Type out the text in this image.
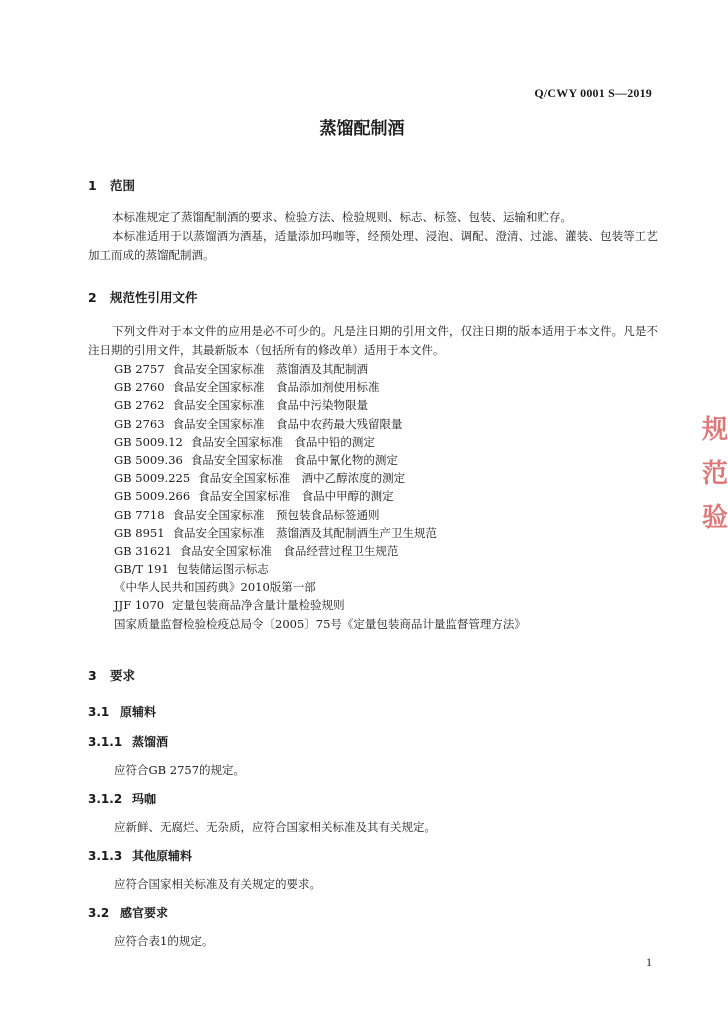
Q/CWY 0001 S—2019
蒸馏配制酒
1 范围
本标准规定了蒸馏配制酒的要求、检验方法、检验规则、标志、标签、包装、运输和贮存。
本标准适用于以蒸馏酒为酒基，适量添加玛咖等，经预处理、浸泡、调配、澄清、过滤、灌装、包装等工艺加工而成的蒸馏配制酒。
2 规范性引用文件
下列文件对于本文件的应用是必不可少的。凡是注日期的引用文件，仅注日期的版本适用于本文件。凡是不注日期的引用文件，其最新版本（包括所有的修改单）适用于本文件。
GB 2757 食品安全国家标准　蒸馏酒及其配制酒
GB 2760 食品安全国家标准　食品添加剂使用标准
GB 2762 食品安全国家标准　食品中污染物限量
GB 2763 食品安全国家标准　食品中农药最大残留限量
GB 5009.12 食品安全国家标准　食品中铅的测定
GB 5009.36 食品安全国家标准　食品中氰化物的测定
GB 5009.225 食品安全国家标准　酒中乙醇浓度的测定
GB 5009.266 食品安全国家标准　食品中甲醇的测定
GB 7718 食品安全国家标准　预包装食品标签通则
GB 8951 食品安全国家标准　蒸馏酒及其配制酒生产卫生规范
GB 31621 食品安全国家标准　食品经营过程卫生规范
GB/T 191 包装储运图示标志
《中华人民共和国药典》2010版第一部
JJF 1070 定量包装商品净含量计量检验规则
国家质量监督检验检疫总局令〔2005〕75号《定量包装商品计量监督管理方法》
3 要求
3.1 原辅料
3.1.1 蒸馏酒
应符合GB 2757的规定。
3.1.2 玛咖
应新鲜、无腐烂、无杂质，应符合国家相关标准及其有关规定。
3.1.3 其他原辅料
应符合国家相关标准及有关规定的要求。
3.2 感官要求
应符合表1的规定。
规 范 验
1
